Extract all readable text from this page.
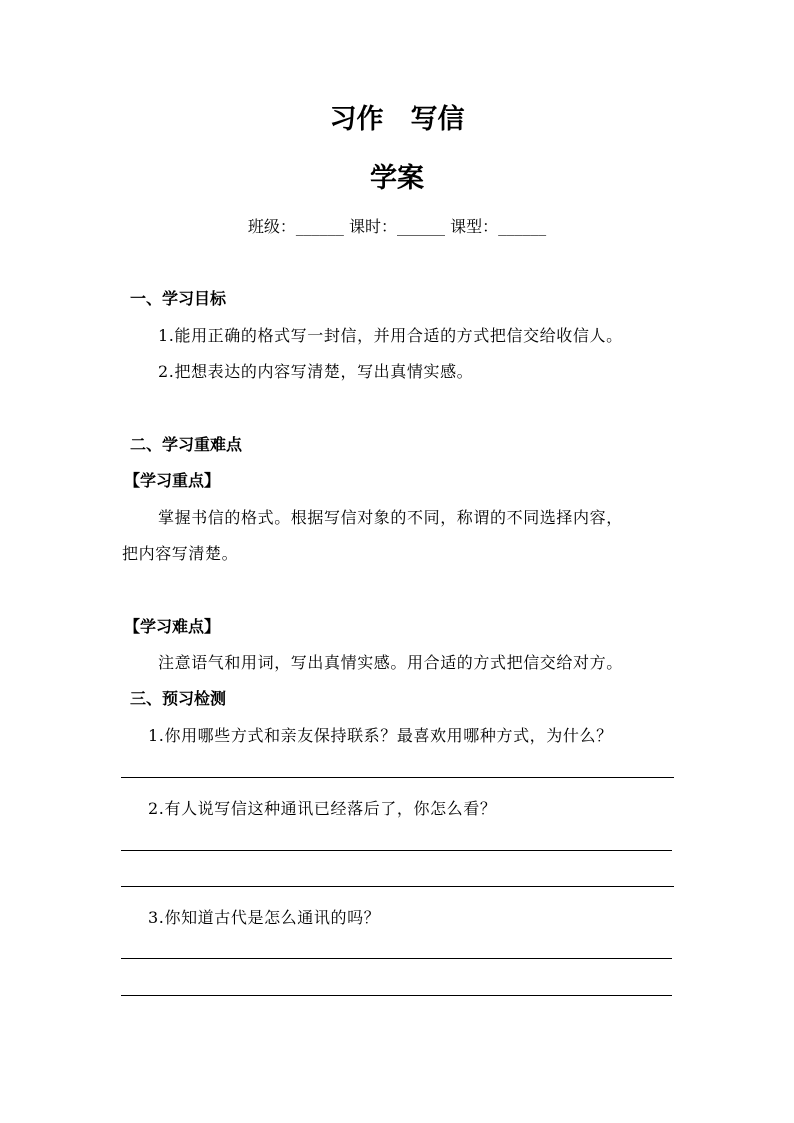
习作　写信
学案
班级：______ 课时：______ 课型：______
一、学习目标
1.能用正确的格式写一封信，并用合适的方式把信交给收信人。
2.把想表达的内容写清楚，写出真情实感。
二、学习重难点
【学习重点】
掌握书信的格式。根据写信对象的不同，称谓的不同选择内容，
把内容写清楚。
【学习难点】
注意语气和用词，写出真情实感。用合适的方式把信交给对方。
三、预习检测
1.你用哪些方式和亲友保持联系？最喜欢用哪种方式，为什么？
2.有人说写信这种通讯已经落后了，你怎么看？
3.你知道古代是怎么通讯的吗？
